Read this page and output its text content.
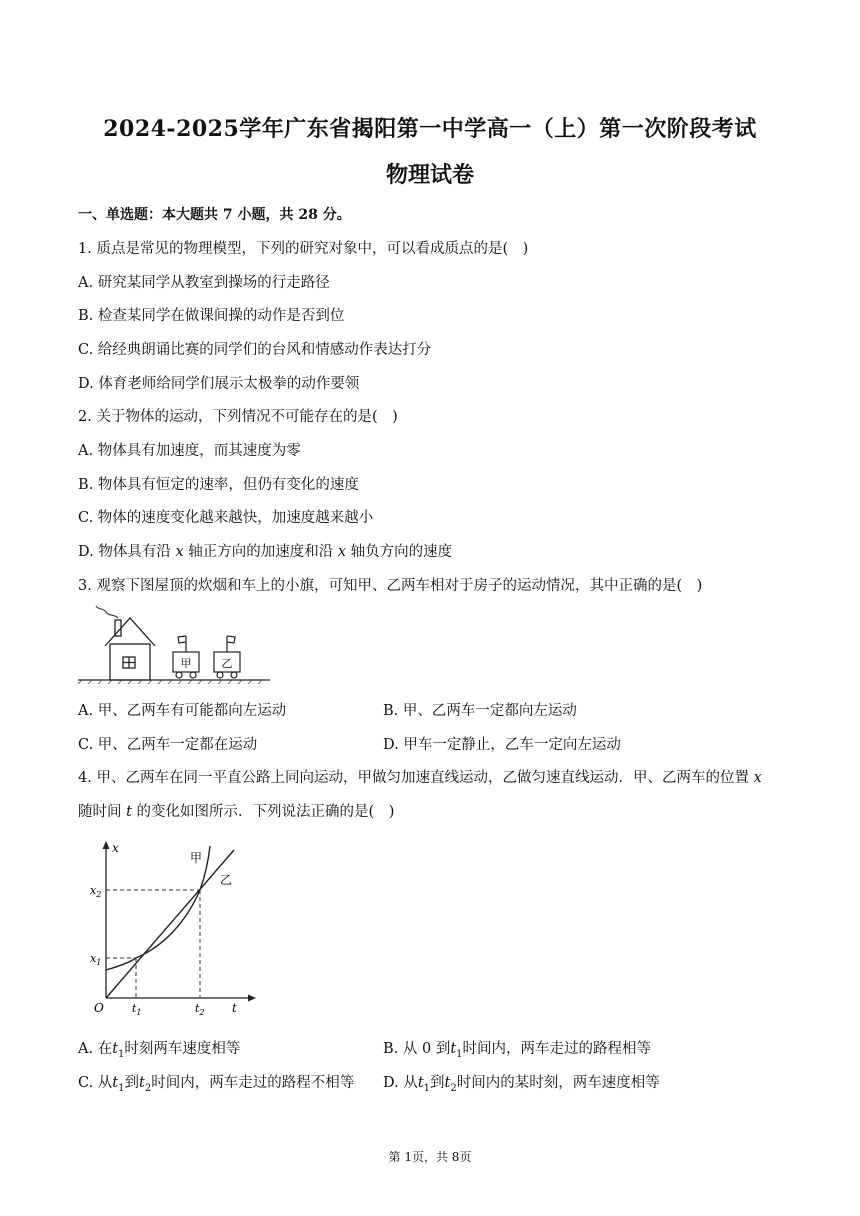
2024-2025学年广东省揭阳第一中学高一（上）第一次阶段考试
物理试卷
一、单选题：本大题共 7 小题，共 28 分。
1. 质点是常见的物理模型，下列的研究对象中，可以看成质点的是(　)
A. 研究某同学从教室到操场的行走路径
B. 检查某同学在做课间操的动作是否到位
C. 给经典朗诵比赛的同学们的台风和情感动作表达打分
D. 体育老师给同学们展示太极拳的动作要领
2. 关于物体的运动，下列情况不可能存在的是(　)
A. 物体具有加速度，而其速度为零
B. 物体具有恒定的速率，但仍有变化的速度
C. 物体的速度变化越来越快，加速度越来越小
D. 物体具有沿 x 轴正方向的加速度和沿 x 轴负方向的速度
3. 观察下图屋顶的炊烟和车上的小旗，可知甲、乙两车相对于房子的运动情况，其中正确的是(　)
甲	乙
A. 甲、乙两车有可能都向左运动	B. 甲、乙两车一定都向左运动
C. 甲、乙两车一定都在运动	D. 甲车一定静止，乙车一定向左运动
4. 甲、乙两车在同一平直公路上同向运动，甲做匀加速直线运动，乙做匀速直线运动．甲、乙两车的位置 x
随时间 t 的变化如图所示．下列说法正确的是(　)
x
t
O
甲
乙
$x_2$
$x_1$
$t_1$	$t_2$
A. 在$t_1$时刻两车速度相等	B. 从 0 到$t_1$时间内，两车走过的路程相等
C. 从$t_1$到$t_2$时间内，两车走过的路程不相等 D. 从$t_1$到$t_2$时间内的某时刻，两车速度相等
第 1页，共 8页
